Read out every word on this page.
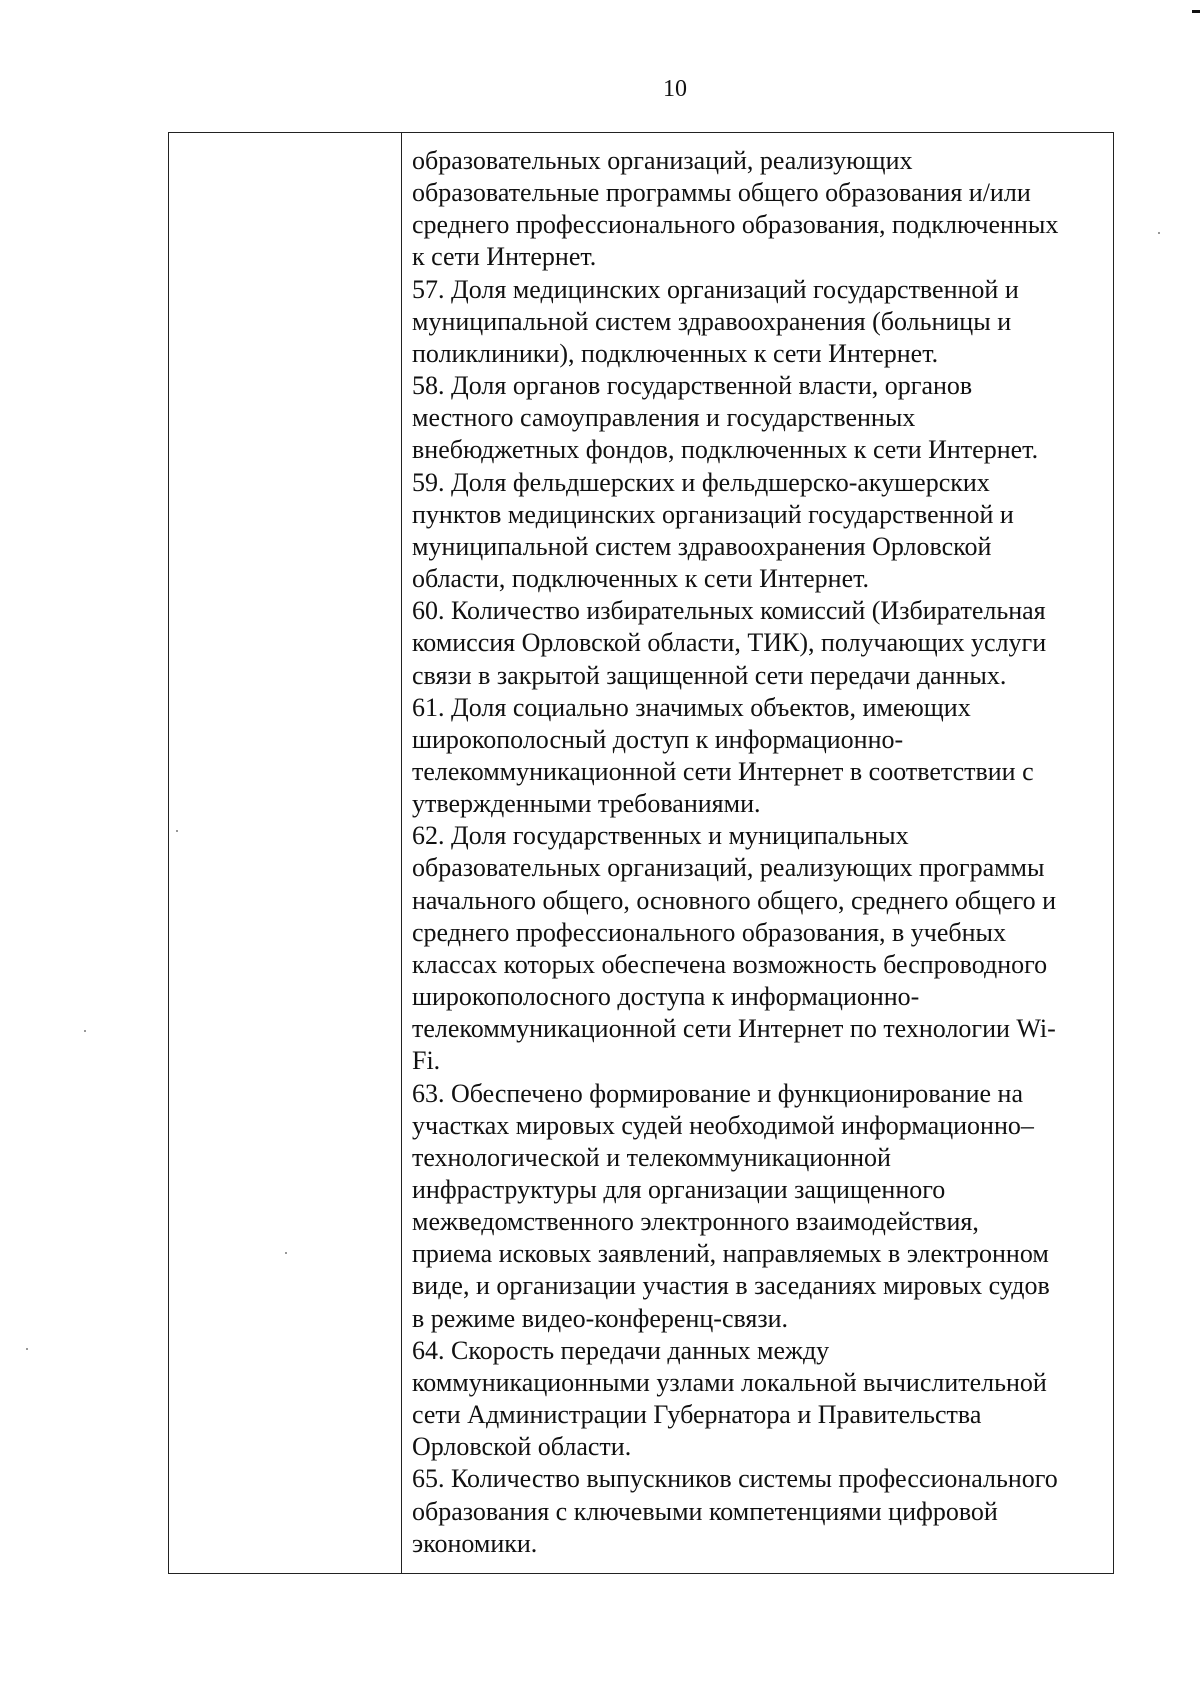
10
образовательных организаций, реализующих
образовательные программы общего образования и/или
среднего профессионального образования, подключенных
к сети Интернет.
57. Доля медицинских организаций государственной и
муниципальной систем здравоохранения (больницы и
поликлиники), подключенных к сети Интернет.
58. Доля органов государственной власти, органов
местного самоуправления и государственных
внебюджетных фондов, подключенных к сети Интернет.
59. Доля фельдшерских и фельдшерско-акушерских
пунктов медицинских организаций государственной и
муниципальной систем здравоохранения Орловской
области, подключенных к сети Интернет.
60. Количество избирательных комиссий (Избирательная
комиссия Орловской области, ТИК), получающих услуги
связи в закрытой защищенной сети передачи данных.
61. Доля социально значимых объектов, имеющих
широкополосный доступ к информационно-
телекоммуникационной сети Интернет в соответствии с
утвержденными требованиями.
62. Доля государственных и муниципальных
образовательных организаций, реализующих программы
начального общего, основного общего, среднего общего и
среднего профессионального образования, в учебных
классах которых обеспечена возможность беспроводного
широкополосного доступа к информационно-
телекоммуникационной сети Интернет по технологии Wi-
Fi.
63. Обеспечено формирование и функционирование на
участках мировых судей необходимой информационно–
технологической и телекоммуникационной
инфраструктуры для организации защищенного
межведомственного электронного взаимодействия,
приема исковых заявлений, направляемых в электронном
виде, и организации участия в заседаниях мировых судов
в режиме видео-конференц-связи.
64. Скорость передачи данных между
коммуникационными узлами локальной вычислительной
сети Администрации Губернатора и Правительства
Орловской области.
65. Количество выпускников системы профессионального
образования с ключевыми компетенциями цифровой
экономики.
